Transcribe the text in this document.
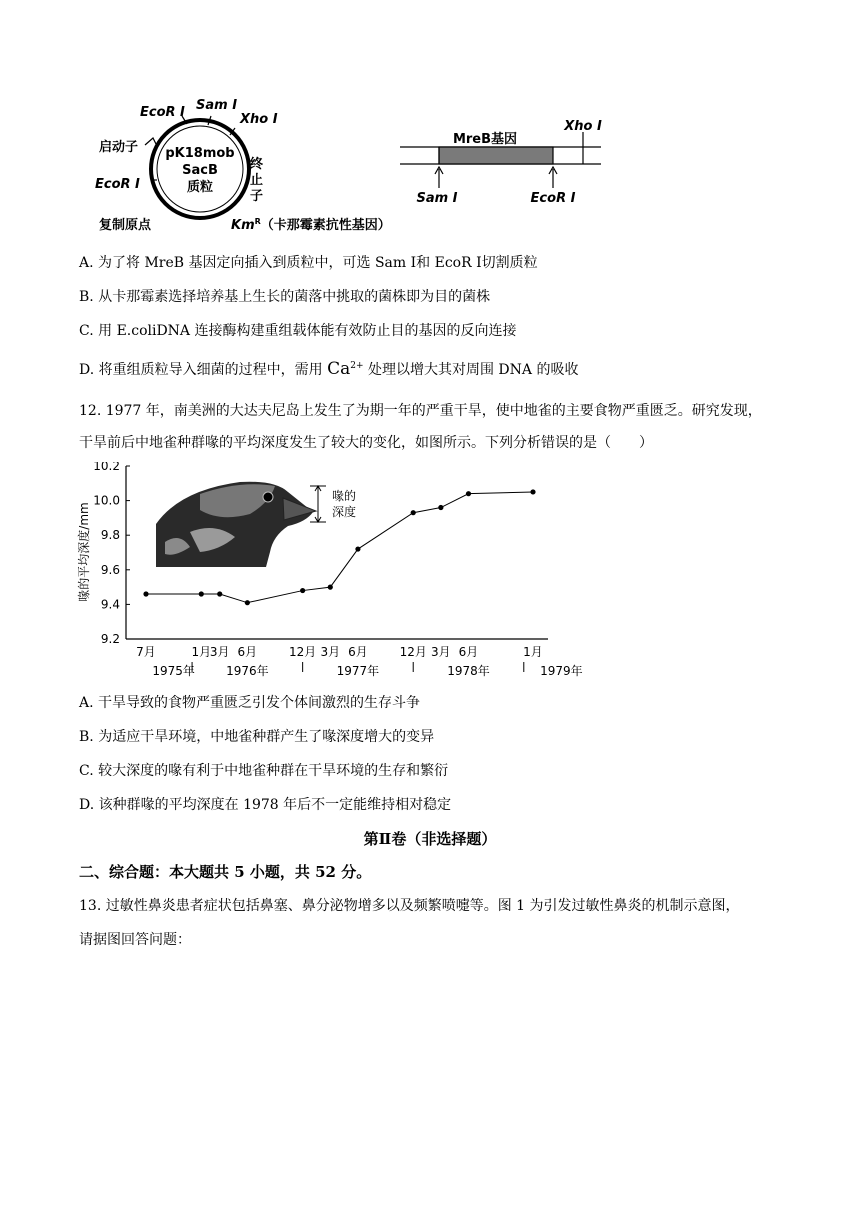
pK18mob
SacB
质粒
EcoR Ⅰ Sam Ⅰ
Xho Ⅰ
启动子
EcoR Ⅰ
复制原点
终 止 子
$Km^R$（卡那霉素抗性基因）
MreB基因
Xho Ⅰ
Sam Ⅰ	EcoR Ⅰ
A. 为了将 MreB 基因定向插入到质粒中，可选 Sam Ⅰ和 EcoR Ⅰ切割质粒
B. 从卡那霉素选择培养基上生长的菌落中挑取的菌株即为目的菌株
C. 用 E.coliDNA 连接酶构建重组载体能有效防止目的基因的反向连接
D. 将重组质粒导入细菌的过程中，需用 $Ca^{2+}$ 处理以增大其对周围 DNA 的吸收
12. 1977 年，南美洲的大达夫尼岛上发生了为期一年的严重干旱，使中地雀的主要食物严重匮乏。研究发现，
干旱前后中地雀种群喙的平均深度发生了较大的变化，如图所示。下列分析错误的是（　　）
喙的平均深度/mm
9.2
9.4
9.6
9.8
10.0
10.2
7月	1月
3月 6月	12月 3月 6月	12月 3月 6月	1月
1975年	1976年	1977年	1978年	1979年
喙的
深度
A. 干旱导致的食物严重匮乏引发个体间激烈的生存斗争
B. 为适应干旱环境，中地雀种群产生了喙深度增大的变异
C. 较大深度的喙有利于中地雀种群在干旱环境的生存和繁衍
D. 该种群喙的平均深度在 1978 年后不一定能维持相对稳定
第Ⅱ卷（非选择题）
二、综合题：本大题共 5 小题，共 52 分。
13. 过敏性鼻炎患者症状包括鼻塞、鼻分泌物增多以及频繁喷嚏等。图 1 为引发过敏性鼻炎的机制示意图，
请据图回答问题：
